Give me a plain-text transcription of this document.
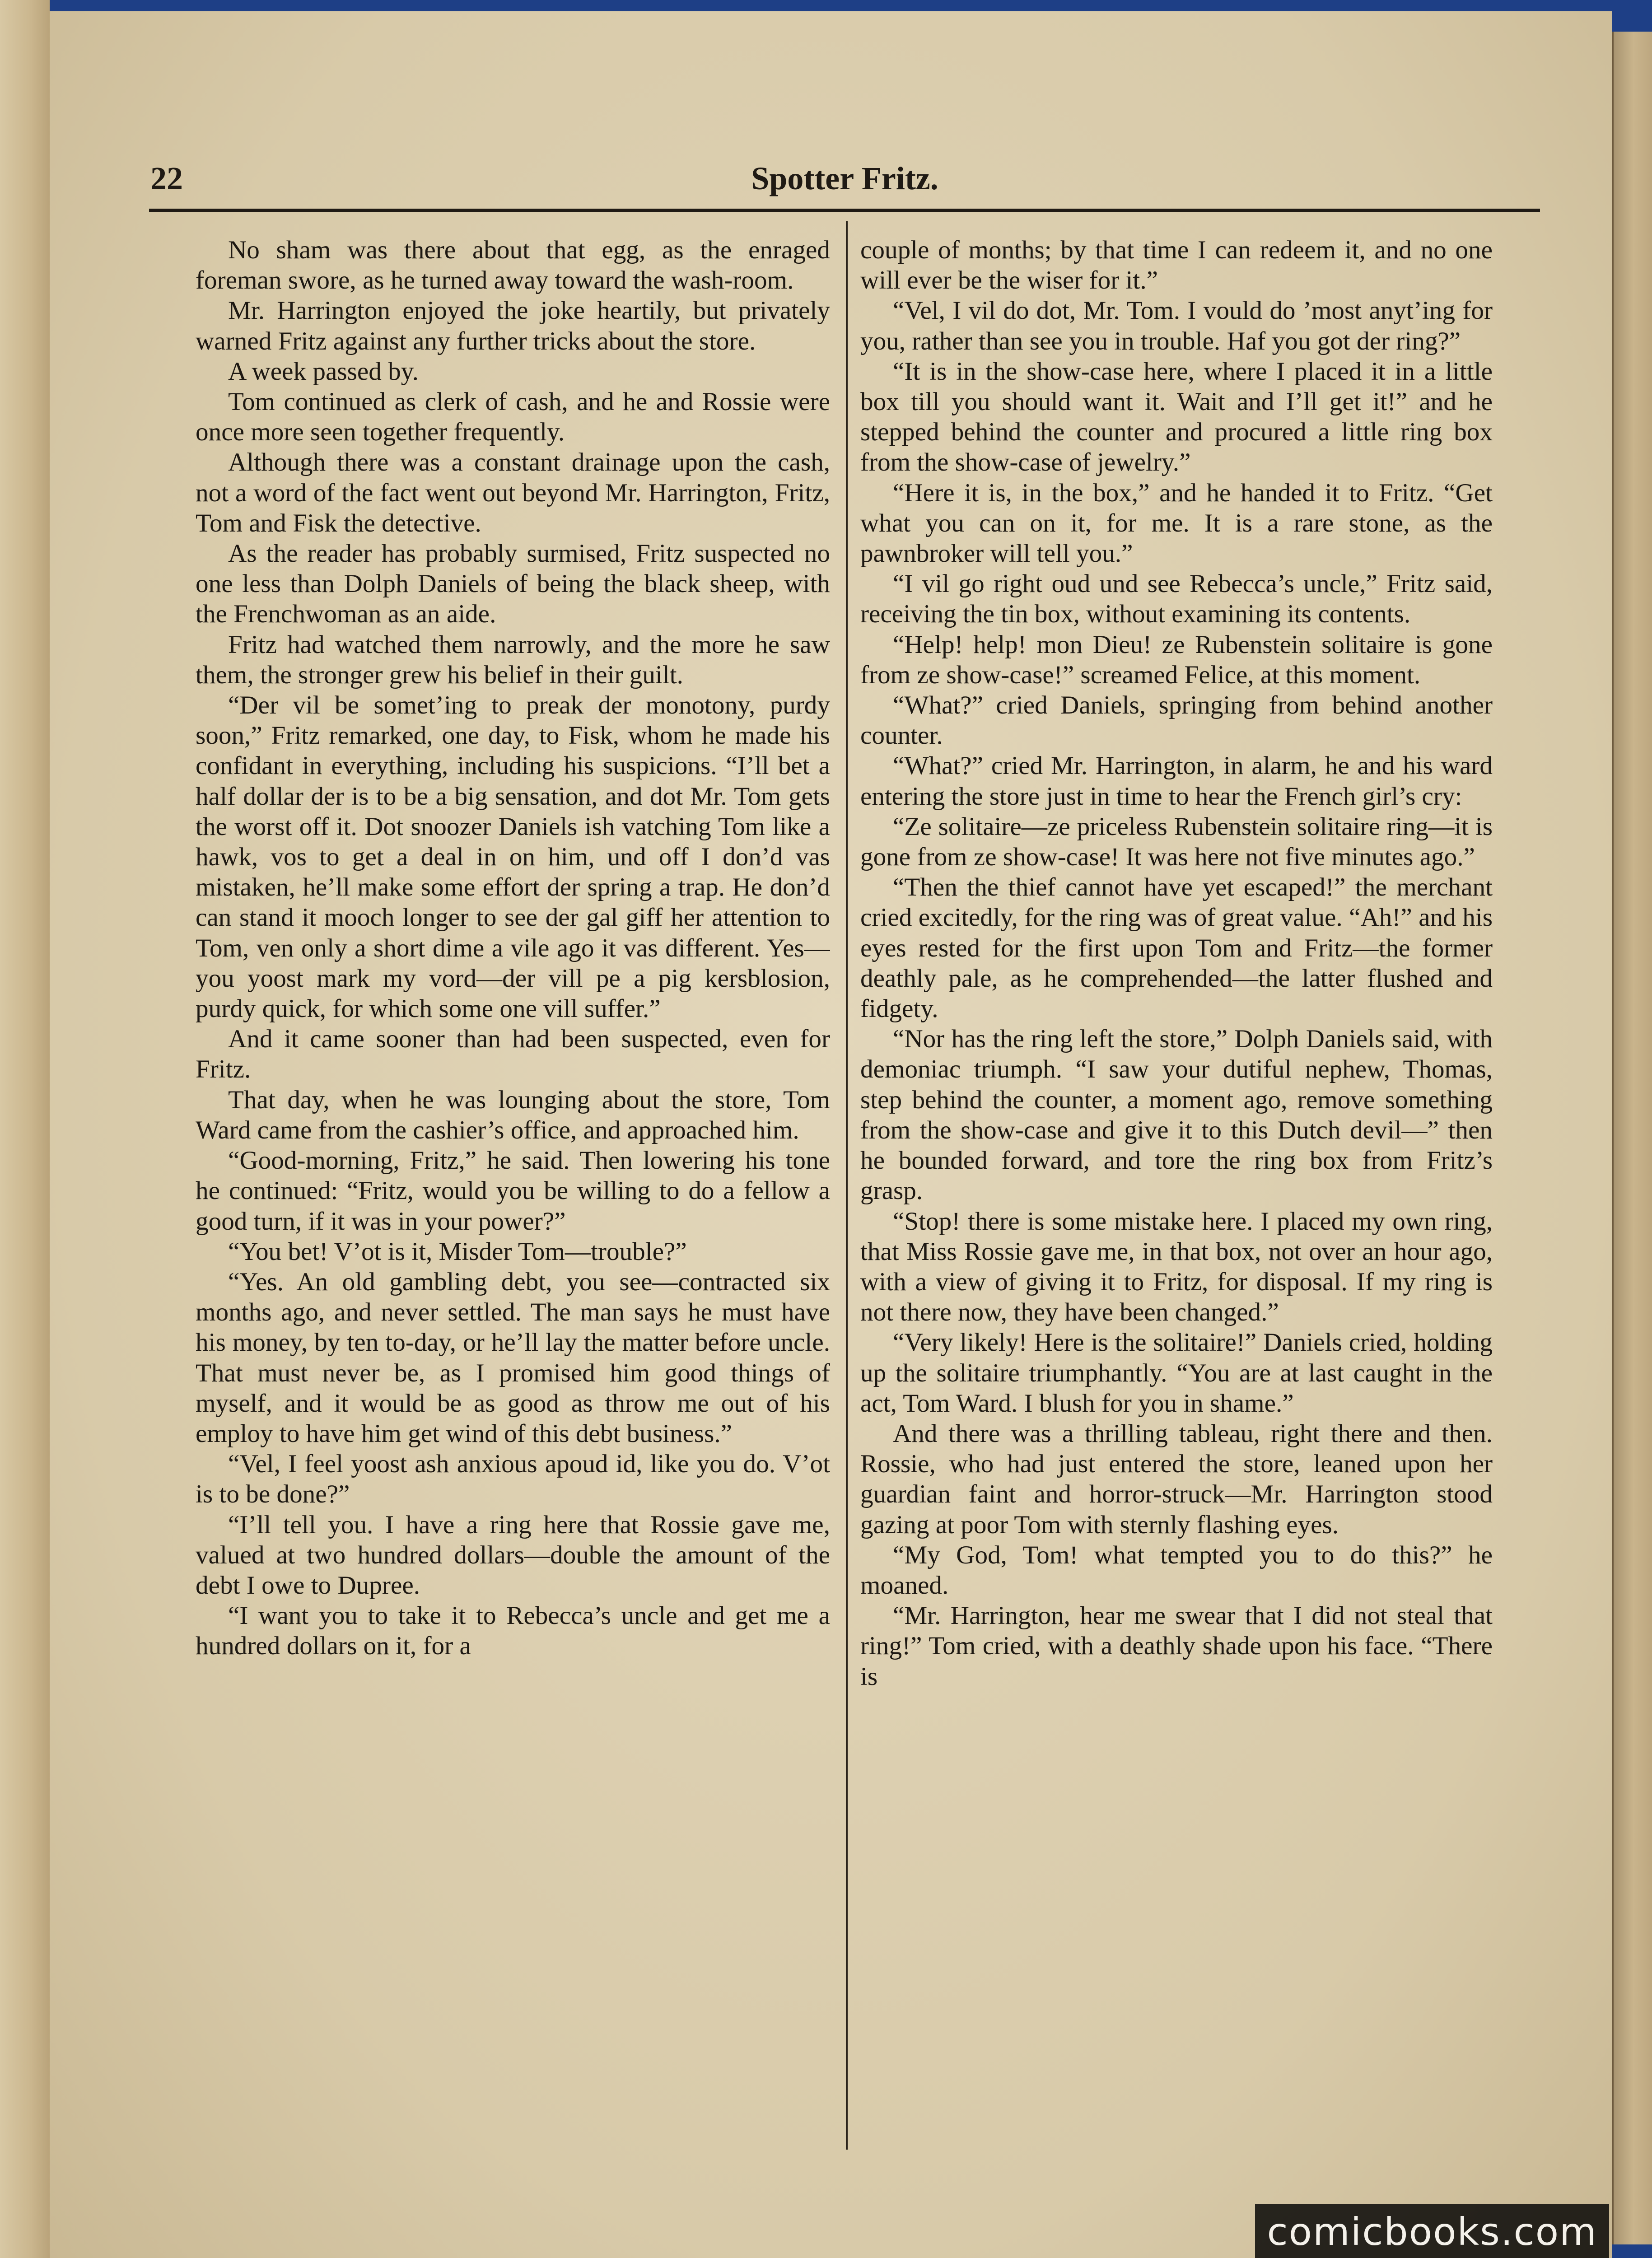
22	Spotter Fritz.

No sham was there about that egg, as the enraged foreman swore, as he turned away toward the wash-room.

Mr. Harrington enjoyed the joke heartily, but privately warned Fritz against any further tricks about the store.

A week passed by.

Tom continued as clerk of cash, and he and Rossie were once more seen together frequently.

Although there was a constant drainage upon the cash, not a word of the fact went out beyond Mr. Harrington, Fritz, Tom and Fisk the detective.

As the reader has probably surmised, Fritz suspected no one less than Dolph Daniels of being the black sheep, with the Frenchwoman as an aide.

Fritz had watched them narrowly, and the more he saw them, the stronger grew his belief in their guilt.

“Der vil be somet’ing to preak der monotony, purdy soon,” Fritz remarked, one day, to Fisk, whom he made his confidant in everything, including his suspicions. “I’ll bet a half dollar der is to be a big sensation, and dot Mr. Tom gets the worst off it. Dot snoozer Daniels ish vatching Tom like a hawk, vos to get a deal in on him, und off I don’d vas mistaken, he’ll make some effort der spring a trap. He don’d can stand it mooch longer to see der gal giff her attention to Tom, ven only a short dime a vile ago it vas different. Yes—you yoost mark my vord—der vill pe a pig kersblosion, purdy quick, for which some one vill suffer.”

And it came sooner than had been suspected, even for Fritz.

That day, when he was lounging about the store, Tom Ward came from the cashier’s office, and approached him.

“Good-morning, Fritz,” he said. Then lowering his tone he continued: “Fritz, would you be willing to do a fellow a good turn, if it was in your power?”

“You bet! V’ot is it, Misder Tom—trouble?”

“Yes. An old gambling debt, you see—contracted six months ago, and never settled. The man says he must have his money, by ten to-day, or he’ll lay the matter before uncle. That must never be, as I promised him good things of myself, and it would be as good as throw me out of his employ to have him get wind of this debt business.”

“Vel, I feel yoost ash anxious apoud id, like you do. V’ot is to be done?”

“I’ll tell you. I have a ring here that Rossie gave me, valued at two hundred dollars—double the amount of the debt I owe to Dupree.

“I want you to take it to Rebecca’s uncle and get me a hundred dollars on it, for a

couple of months; by that time I can redeem it, and no one will ever be the wiser for it.”

“Vel, I vil do dot, Mr. Tom. I vould do ’most anyt’ing for you, rather than see you in trouble. Haf you got der ring?”

“It is in the show-case here, where I placed it in a little box till you should want it. Wait and I’ll get it!” and he stepped behind the counter and procured a little ring box from the show-case of jewelry.”

“Here it is, in the box,” and he handed it to Fritz. “Get what you can on it, for me. It is a rare stone, as the pawnbroker will tell you.”

“I vil go right oud und see Rebecca’s uncle,” Fritz said, receiving the tin box, without examining its contents.

“Help! help! mon Dieu! ze Rubenstein solitaire is gone from ze show-case!” screamed Felice, at this moment.

“What?” cried Daniels, springing from behind another counter.

“What?” cried Mr. Harrington, in alarm, he and his ward entering the store just in time to hear the French girl’s cry:

“Ze solitaire—ze priceless Rubenstein solitaire ring—it is gone from ze show-case! It was here not five minutes ago.”

“Then the thief cannot have yet escaped!” the merchant cried excitedly, for the ring was of great value. “Ah!” and his eyes rested for the first upon Tom and Fritz—the former deathly pale, as he comprehended—the latter flushed and fidgety.

“Nor has the ring left the store,” Dolph Daniels said, with demoniac triumph. “I saw your dutiful nephew, Thomas, step behind the counter, a moment ago, remove something from the show-case and give it to this Dutch devil—” then he bounded forward, and tore the ring box from Fritz’s grasp.

“Stop! there is some mistake here. I placed my own ring, that Miss Rossie gave me, in that box, not over an hour ago, with a view of giving it to Fritz, for disposal. If my ring is not there now, they have been changed.”

“Very likely! Here is the solitaire!” Daniels cried, holding up the solitaire triumphantly. “You are at last caught in the act, Tom Ward. I blush for you in shame.”

And there was a thrilling tableau, right there and then. Rossie, who had just entered the store, leaned upon her guardian faint and horror-struck—Mr. Harrington stood gazing at poor Tom with sternly flashing eyes.

“My God, Tom! what tempted you to do this?” he moaned.

“Mr. Harrington, hear me swear that I did not steal that ring!” Tom cried, with a deathly shade upon his face. “There is

comicbooks.com
